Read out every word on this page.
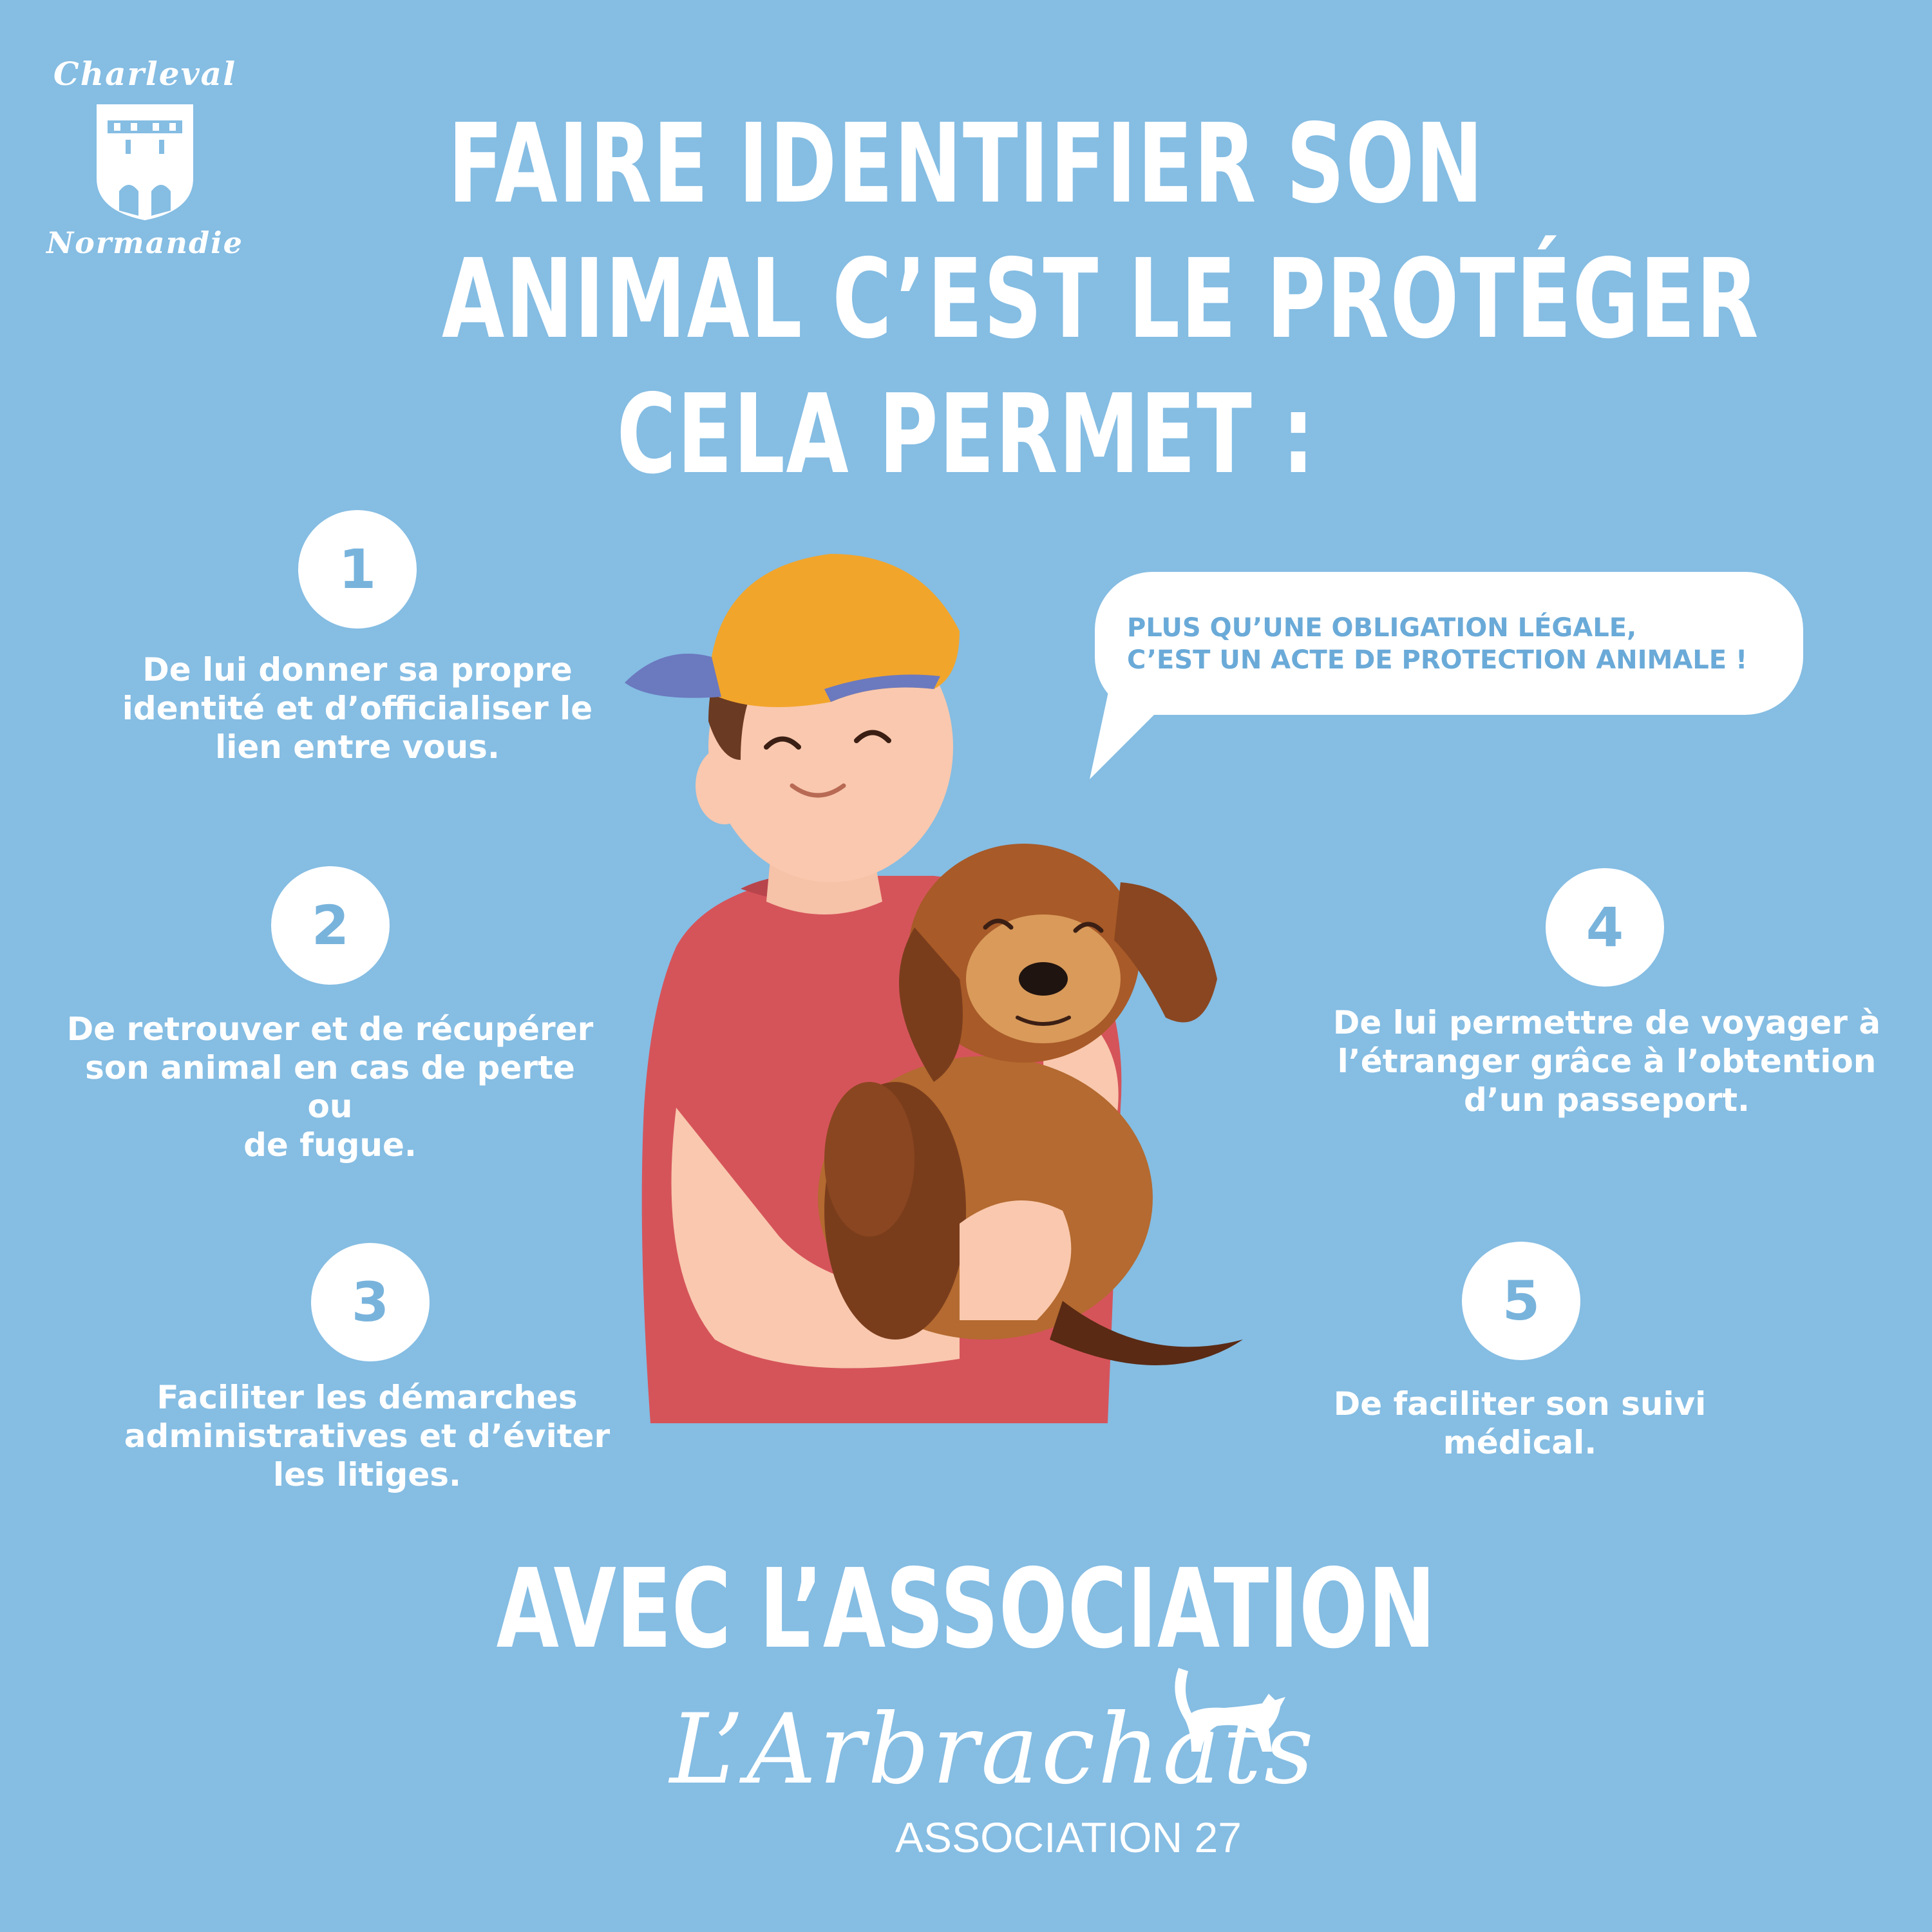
Charleval
Normandie
FAIRE IDENTIFIER SON
ANIMAL C’EST LE PROTÉGER
CELA PERMET :
1
De lui donner sa propre
identité et d’officialiser le
lien entre vous.
2
De retrouver et de récupérer
son animal en cas de perte ou
de fugue.
3
Faciliter les démarches
administratives et d’éviter
les litiges.
4
De lui permettre de voyager à
l’étranger grâce à l’obtention
d’un passeport.
5
De faciliter son suivi
médical.
PLUS QU’UNE OBLIGATION LÉGALE,
C’EST UN ACTE DE PROTECTION ANIMALE !
AVEC L’ASSOCIATION
L’Arbrachats
ASSOCIATION 27
